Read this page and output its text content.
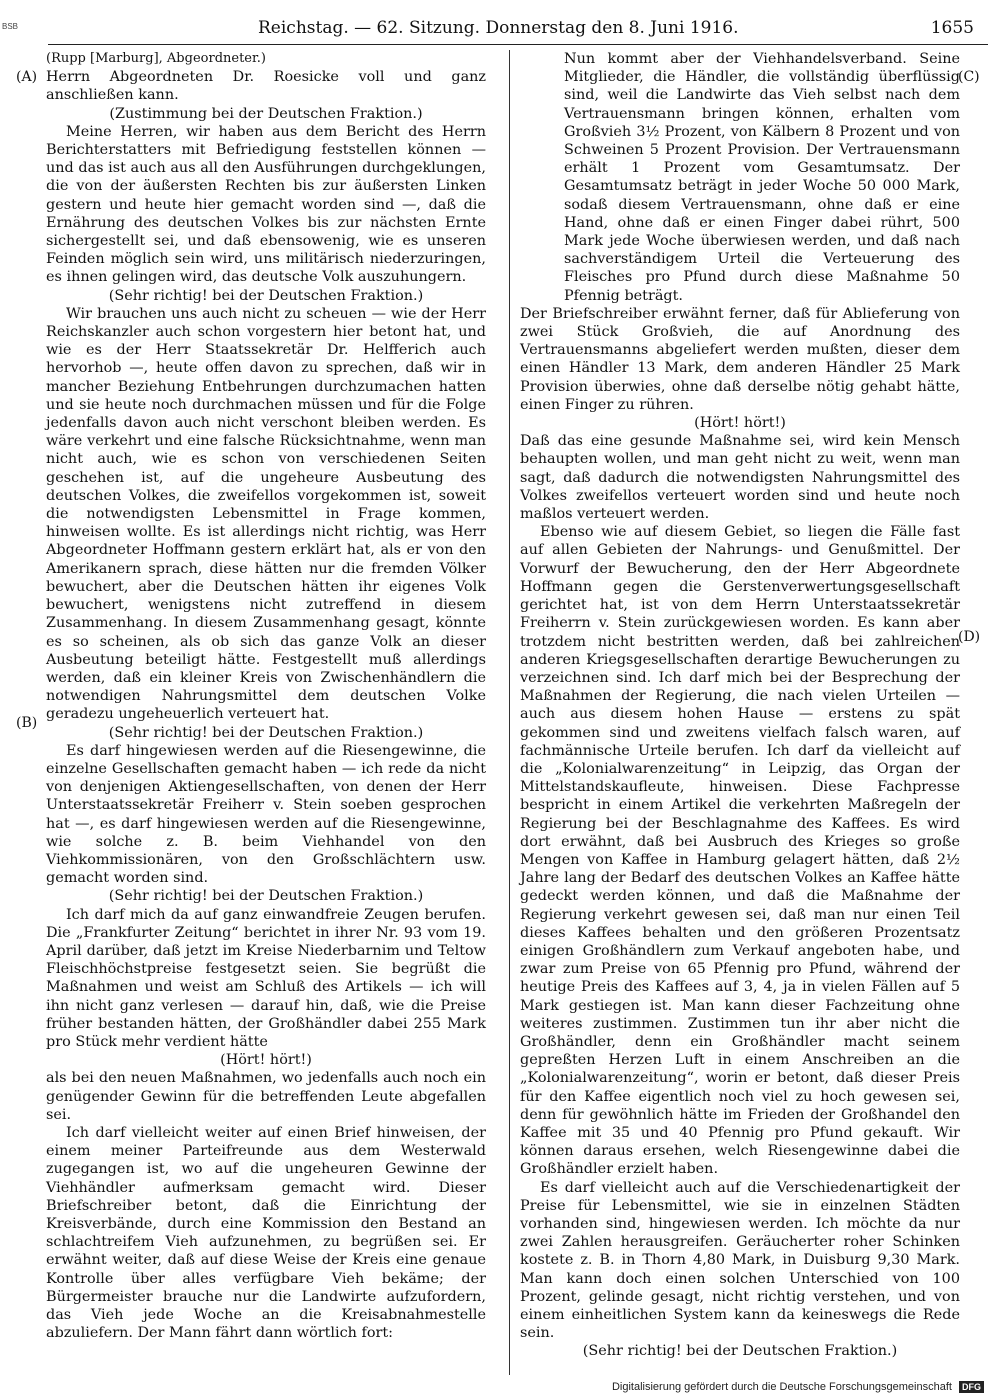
BSB	Reichstag. — 62. Sitzung. Donnerstag den 8. Juni 1916.	1655
(A)
(B)
(C)
(D)

(Rupp [Marburg], Abgeordneter.)

Herrn Abgeordneten Dr. Roesicke voll und ganz anschließen kann.

(Zustimmung bei der Deutschen Fraktion.)

Meine Herren, wir haben aus dem Bericht des Herrn Berichterstatters mit Befriedigung feststellen können — und das ist auch aus all den Ausführungen durchgeklungen, die von der äußersten Rechten bis zur äußersten Linken gestern und heute hier gemacht worden sind —, daß die Ernährung des deutschen Volkes bis zur nächsten Ernte sichergestellt sei, und daß ebensowenig, wie es unseren Feinden möglich sein wird, uns militärisch niederzuringen, es ihnen gelingen wird, das deutsche Volk auszuhungern.

(Sehr richtig! bei der Deutschen Fraktion.)

Wir brauchen uns auch nicht zu scheuen — wie der Herr Reichskanzler auch schon vorgestern hier betont hat, und wie es der Herr Staatssekretär Dr. Helfferich auch hervorhob —, heute offen davon zu sprechen, daß wir in mancher Beziehung Entbehrungen durchzumachen hatten und sie heute noch durchmachen müssen und für die Folge jedenfalls davon auch nicht verschont bleiben werden. Es wäre verkehrt und eine falsche Rücksichtnahme, wenn man nicht auch, wie es schon von verschiedenen Seiten geschehen ist, auf die ungeheure Ausbeutung des deutschen Volkes, die zweifellos vorgekommen ist, soweit die notwendigsten Lebensmittel in Frage kommen, hinweisen wollte. Es ist allerdings nicht richtig, was Herr Abgeordneter Hoffmann gestern erklärt hat, als er von den Amerikanern sprach, diese hätten nur die fremden Völker bewuchert, aber die Deutschen hätten ihr eigenes Volk bewuchert, wenigstens nicht zutreffend in diesem Zusammenhang. In diesem Zusammenhang gesagt, könnte es so scheinen, als ob sich das ganze Volk an dieser Ausbeutung beteiligt hätte. Festgestellt muß allerdings werden, daß ein kleiner Kreis von Zwischenhändlern die notwendigen Nahrungsmittel dem deutschen Volke geradezu ungeheuerlich verteuert hat.

(Sehr richtig! bei der Deutschen Fraktion.)

Es darf hingewiesen werden auf die Riesengewinne, die einzelne Gesellschaften gemacht haben — ich rede da nicht von denjenigen Aktiengesellschaften, von denen der Herr Unterstaatssekretär Freiherr v. Stein soeben gesprochen hat —, es darf hingewiesen werden auf die Riesengewinne, wie solche z. B. beim Viehhandel von den Viehkommissionären, von den Großschlächtern usw. gemacht worden sind.

(Sehr richtig! bei der Deutschen Fraktion.)

Ich darf mich da auf ganz einwandfreie Zeugen berufen. Die „Frankfurter Zeitung“ berichtet in ihrer Nr. 93 vom 19. April darüber, daß jetzt im Kreise Niederbarnim und Teltow Fleischhöchstpreise festgesetzt seien. Sie begrüßt die Maßnahmen und weist am Schluß des Artikels — ich will ihn nicht ganz verlesen — darauf hin, daß, wie die Preise früher bestanden hätten, der Großhändler dabei 255 Mark pro Stück mehr verdient hätte

(Hört! hört!)

als bei den neuen Maßnahmen, wo jedenfalls auch noch ein genügender Gewinn für die betreffenden Leute abgefallen sei.

Ich darf vielleicht weiter auf einen Brief hinweisen, der einem meiner Parteifreunde aus dem Westerwald zugegangen ist, wo auf die ungeheuren Gewinne der Viehhändler aufmerksam gemacht wird. Dieser Briefschreiber betont, daß die Einrichtung der Kreisverbände, durch eine Kommission den Bestand an schlachtreifem Vieh aufzunehmen, zu begrüßen sei. Er erwähnt weiter, daß auf diese Weise der Kreis eine genaue Kontrolle über alles verfügbare Vieh bekäme; der Bürgermeister brauche nur die Landwirte aufzufordern, das Vieh jede Woche an die Kreisabnahmestelle abzuliefern. Der Mann fährt dann wörtlich fort:

Nun kommt aber der Viehhandelsverband. Seine Mitglieder, die Händler, die vollständig überflüssig sind, weil die Landwirte das Vieh selbst nach dem Vertrauensmann bringen können, erhalten vom Großvieh 3½ Prozent, von Kälbern 8 Prozent und von Schweinen 5 Prozent Provision. Der Vertrauensmann erhält 1 Prozent vom Gesamtumsatz. Der Gesamtumsatz beträgt in jeder Woche 50 000 Mark, sodaß diesem Vertrauensmann, ohne daß er eine Hand, ohne daß er einen Finger dabei rührt, 500 Mark jede Woche überwiesen werden, und daß nach sachverständigem Urteil die Verteuerung des Fleisches pro Pfund durch diese Maßnahme 50 Pfennig beträgt.

Der Briefschreiber erwähnt ferner, daß für Ablieferung von zwei Stück Großvieh, die auf Anordnung des Vertrauensmanns abgeliefert werden mußten, dieser dem einen Händler 13 Mark, dem anderen Händler 25 Mark Provision überwies, ohne daß derselbe nötig gehabt hätte, einen Finger zu rühren.

(Hört! hört!)

Daß das eine gesunde Maßnahme sei, wird kein Mensch behaupten wollen, und man geht nicht zu weit, wenn man sagt, daß dadurch die notwendigsten Nahrungsmittel des Volkes zweifellos verteuert worden sind und heute noch maßlos verteuert werden.

Ebenso wie auf diesem Gebiet, so liegen die Fälle fast auf allen Gebieten der Nahrungs- und Genußmittel. Der Vorwurf der Bewucherung, den der Herr Abgeordnete Hoffmann gegen die Gerstenverwertungsgesellschaft gerichtet hat, ist von dem Herrn Unterstaatssekretär Freiherrn v. Stein zurückgewiesen worden. Es kann aber trotzdem nicht bestritten werden, daß bei zahlreichen anderen Kriegsgesellschaften derartige Bewucherungen zu verzeichnen sind. Ich darf mich bei der Besprechung der Maßnahmen der Regierung, die nach vielen Urteilen — auch aus diesem hohen Hause — erstens zu spät gekommen sind und zweitens vielfach falsch waren, auf fachmännische Urteile berufen. Ich darf da vielleicht auf die „Kolonialwarenzeitung“ in Leipzig, das Organ der Mittelstandskaufleute, hinweisen. Diese Fachpresse bespricht in einem Artikel die verkehrten Maßregeln der Regierung bei der Beschlagnahme des Kaffees. Es wird dort erwähnt, daß bei Ausbruch des Krieges so große Mengen von Kaffee in Hamburg gelagert hätten, daß 2½ Jahre lang der Bedarf des deutschen Volkes an Kaffee hätte gedeckt werden können, und daß die Maßnahme der Regierung verkehrt gewesen sei, daß man nur einen Teil dieses Kaffees behalten und den größeren Prozentsatz einigen Großhändlern zum Verkauf angeboten habe, und zwar zum Preise von 65 Pfennig pro Pfund, während der heutige Preis des Kaffees auf 3, 4, ja in vielen Fällen auf 5 Mark gestiegen ist. Man kann dieser Fachzeitung ohne weiteres zustimmen. Zustimmen tun ihr aber nicht die Großhändler, denn ein Großhändler macht seinem gepreßten Herzen Luft in einem Anschreiben an die „Kolonialwarenzeitung“, worin er betont, daß dieser Preis für den Kaffee eigentlich noch viel zu hoch gewesen sei, denn für gewöhnlich hätte im Frieden der Großhandel den Kaffee mit 35 und 40 Pfennig pro Pfund gekauft. Wir können daraus ersehen, welch Riesengewinne dabei die Großhändler erzielt haben.

Es darf vielleicht auch auf die Verschiedenartigkeit der Preise für Lebensmittel, wie sie in einzelnen Städten vorhanden sind, hingewiesen werden. Ich möchte da nur zwei Zahlen herausgreifen. Geräucherter roher Schinken kostete z. B. in Thorn 4,80 Mark, in Duisburg 9,30 Mark. Man kann doch einen solchen Unterschied von 100 Prozent, gelinde gesagt, nicht richtig verstehen, und von einem einheitlichen System kann da keineswegs die Rede sein.

(Sehr richtig! bei der Deutschen Fraktion.)

Digitalisierung gefördert durch die Deutsche Forschungsgemeinschaft DFG
